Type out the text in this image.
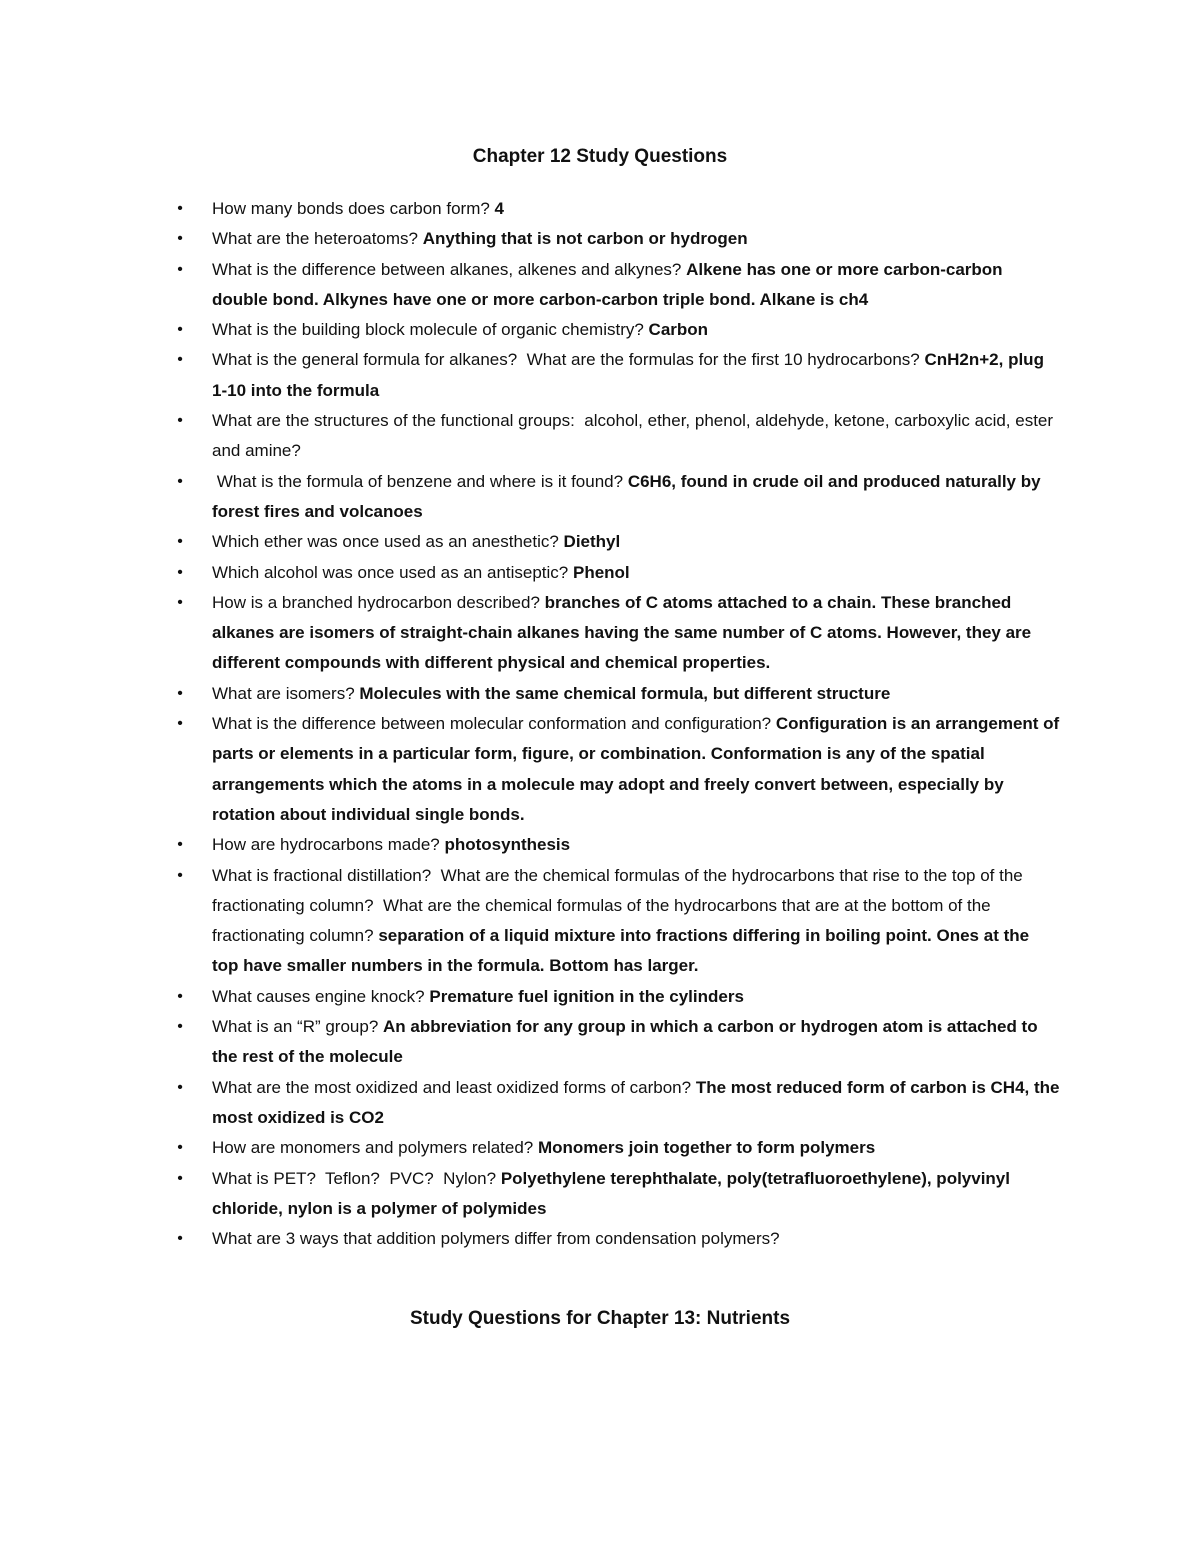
Chapter 12 Study Questions
• How many bonds does carbon form? 4
• What are the heteroatoms? Anything that is not carbon or hydrogen
• What is the difference between alkanes, alkenes and alkynes? Alkene has one or more carbon-carbon double bond. Alkynes have one or more carbon-carbon triple bond. Alkane is ch4
• What is the building block molecule of organic chemistry? Carbon
• What is the general formula for alkanes?  What are the formulas for the first 10 hydrocarbons? CnH2n+2, plug 1-10 into the formula
• What are the structures of the functional groups:  alcohol, ether, phenol, aldehyde, ketone, carboxylic acid, ester and amine?
• What is the formula of benzene and where is it found? C6H6, found in crude oil and produced naturally by forest fires and volcanoes
• Which ether was once used as an anesthetic? Diethyl
• Which alcohol was once used as an antiseptic? Phenol
• How is a branched hydrocarbon described? branches of C atoms attached to a chain. These branched alkanes are isomers of straight-chain alkanes having the same number of C atoms. However, they are different compounds with different physical and chemical properties.
• What are isomers? Molecules with the same chemical formula, but different structure
• What is the difference between molecular conformation and configuration? Configuration is an arrangement of parts or elements in a particular form, figure, or combination. Conformation is any of the spatial arrangements which the atoms in a molecule may adopt and freely convert between, especially by rotation about individual single bonds.
• How are hydrocarbons made? photosynthesis
• What is fractional distillation?  What are the chemical formulas of the hydrocarbons that rise to the top of the fractionating column?  What are the chemical formulas of the hydrocarbons that are at the bottom of the fractionating column? separation of a liquid mixture into fractions differing in boiling point. Ones at the top have smaller numbers in the formula. Bottom has larger.
• What causes engine knock? Premature fuel ignition in the cylinders
• What is an “R” group? An abbreviation for any group in which a carbon or hydrogen atom is attached to the rest of the molecule
• What are the most oxidized and least oxidized forms of carbon? The most reduced form of carbon is CH4, the most oxidized is CO2
• How are monomers and polymers related? Monomers join together to form polymers
• What is PET?  Teflon?  PVC?  Nylon? Polyethylene terephthalate, poly(tetrafluoroethylene), polyvinyl chloride, nylon is a polymer of polymides
• What are 3 ways that addition polymers differ from condensation polymers?
Study Questions for Chapter 13: Nutrients
